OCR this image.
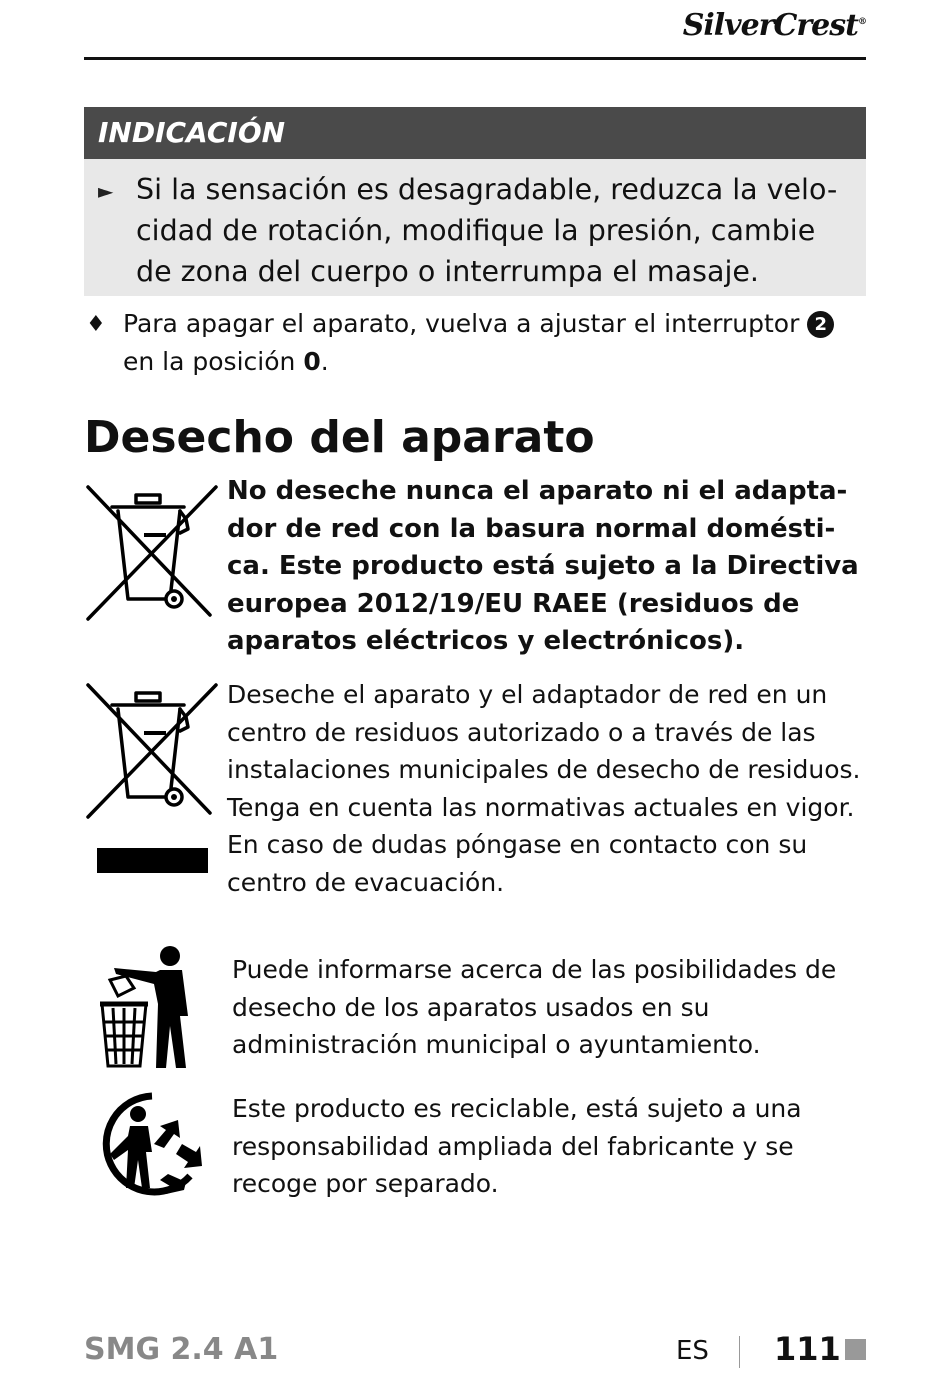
SilverCrest®
INDICACIÓN
► Si la sensación es desagradable, reduzca la velo-cidad de rotación, modifique la presión, cambie de zona del cuerpo o interrumpa el masaje.
♦ Para apagar el aparato, vuelva a ajustar el interruptor 2 en la posición 0.
Desecho del aparato
No deseche nunca el aparato ni el adapta-dor de red con la basura normal domésti-ca. Este producto está sujeto a la Directiva europea 2012/19/EU RAEE (residuos de aparatos eléctricos y electrónicos).
Deseche el aparato y el adaptador de red en un centro de residuos autorizado o a través de las instalaciones municipales de desecho de residuos. Tenga en cuenta las normativas actuales en vigor. En caso de dudas póngase en contacto con su centro de evacuación.
Puede informarse acerca de las posibilidades de desecho de los aparatos usados en su administración municipal o ayuntamiento.
Este producto es reciclable, está sujeto a una responsabilidad ampliada del fabricante y se recoge por separado.
SMG 2.4 A1	ES 111
